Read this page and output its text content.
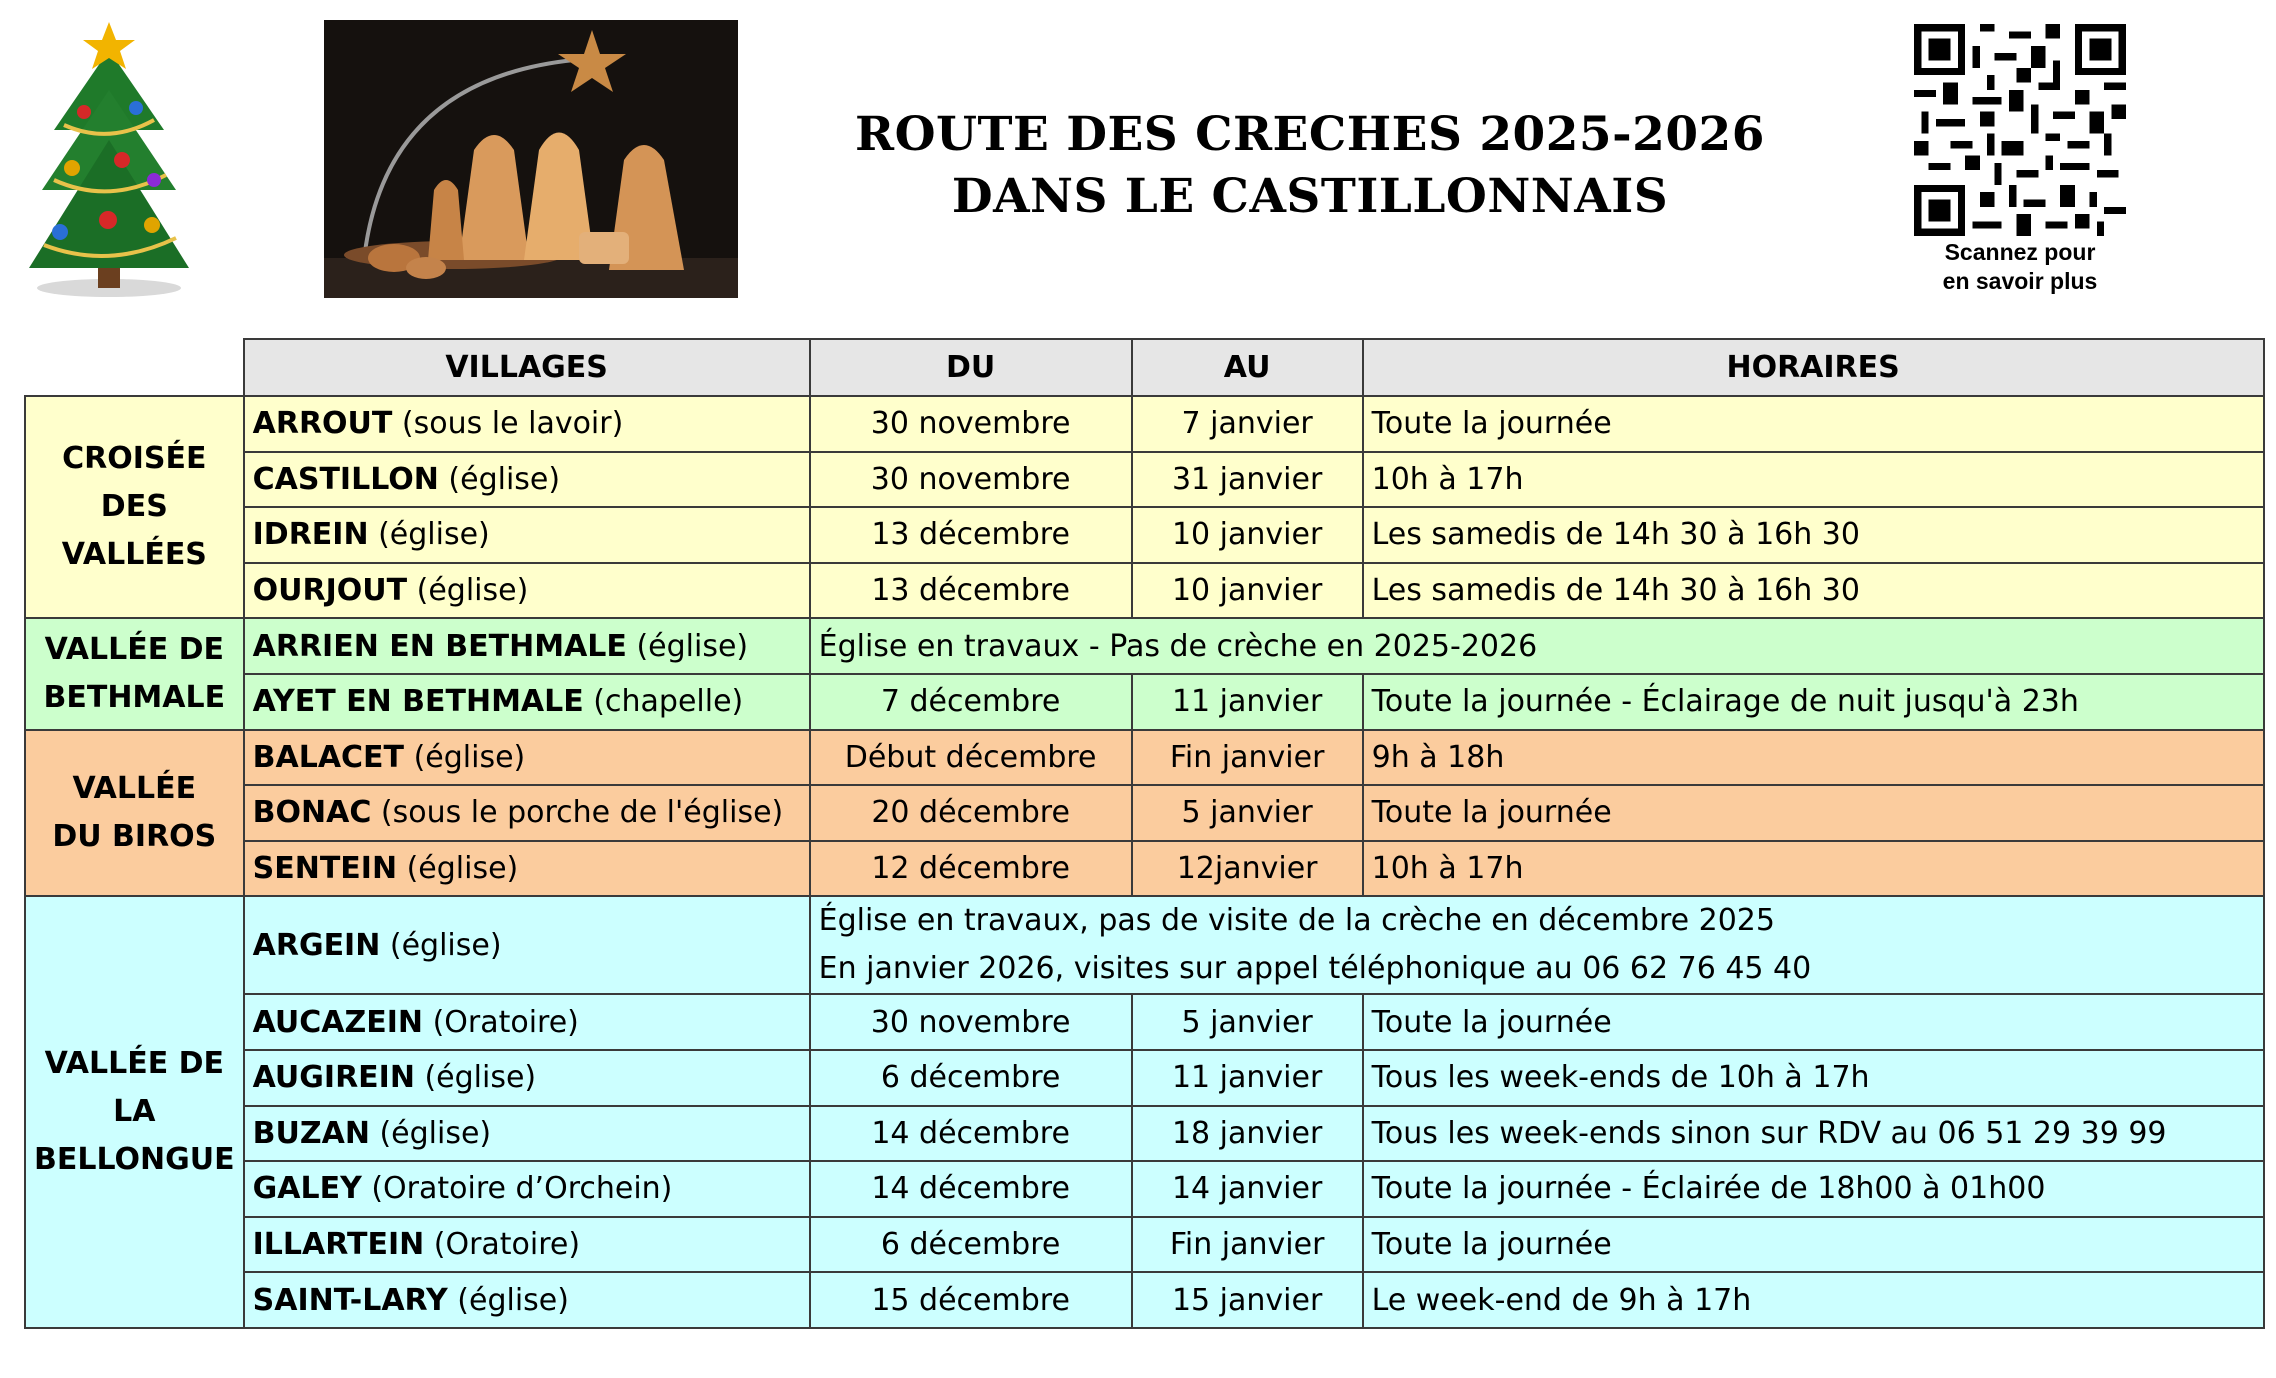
ROUTE DES CRECHES 2025-2026
DANS LE CASTILLONNAIS
Scannez pour
en savoir plus
	VILLAGES	DU	AU	HORAIRES
CROISÉE
DES
VALLÉES	ARROUT (sous le lavoir)	30 novembre	7 janvier	Toute la journée
	CASTILLON (église)	30 novembre	31 janvier	10h à 17h
	IDREIN (église)	13 décembre	10 janvier	Les samedis de 14h 30 à 16h 30
	OURJOUT (église)	13 décembre	10 janvier	Les samedis de 14h 30 à 16h 30
VALLÉE DE
BETHMALE	ARRIEN EN BETHMALE (église)	Église en travaux - Pas de crèche en 2025-2026		
	AYET EN BETHMALE (chapelle)	7 décembre	11 janvier	Toute la journée - Éclairage de nuit jusqu'à 23h
VALLÉE
DU BIROS	BALACET (église)	Début décembre	Fin janvier	9h à 18h
	BONAC (sous le porche de l'église)	20 décembre	5 janvier	Toute la journée
	SENTEIN (église)	12 décembre	12janvier	10h à 17h
VALLÉE DE
LA
BELLONGUE	ARGEIN (église)	Église en travaux, pas de visite de la crèche en décembre 2025
En janvier 2026, visites sur appel téléphonique au 06 62 76 45 40		
	AUCAZEIN (Oratoire)	30 novembre	5 janvier	Toute la journée
	AUGIREIN (église)	6 décembre	11 janvier	Tous les week-ends de 10h à 17h
	BUZAN (église)	14 décembre	18 janvier	Tous les week-ends sinon sur RDV au 06 51 29 39 99
	GALEY (Oratoire d’Orchein)	14 décembre	14 janvier	Toute la journée - Éclairée de 18h00 à 01h00
	ILLARTEIN (Oratoire)	6 décembre	Fin janvier	Toute la journée
	SAINT-LARY (église)	15 décembre	15 janvier	Le week-end de 9h à 17h
